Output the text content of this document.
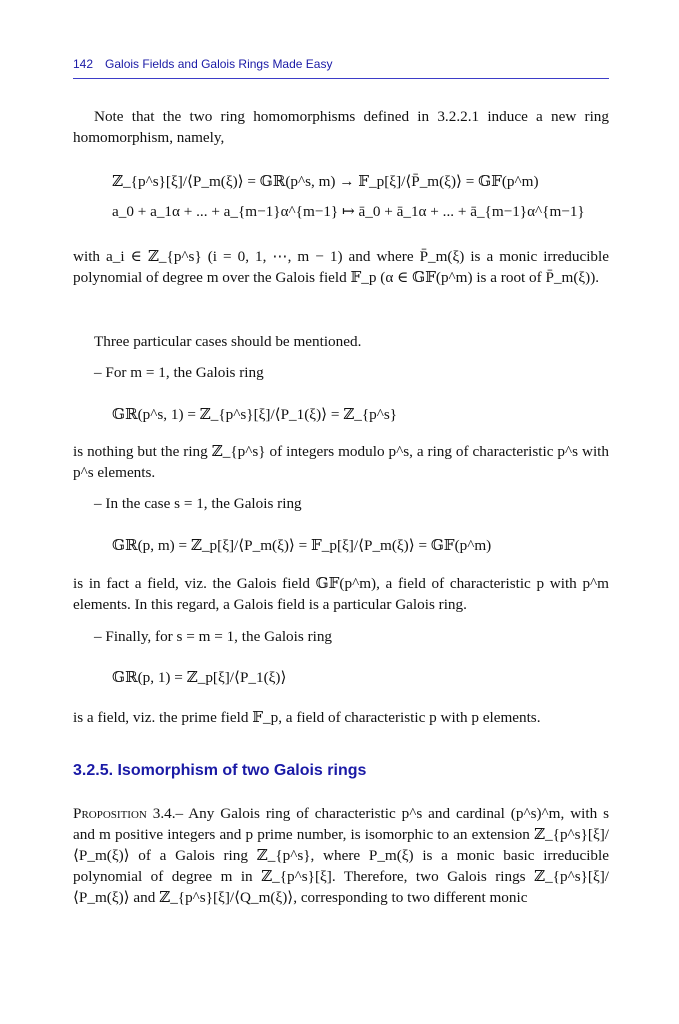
142 Galois Fields and Galois Rings Made Easy

Note that the two ring homomorphisms defined in 3.2.2.1 induce a new ring homomorphism, namely,

ℤ_{p^s}[ξ]/⟨P_m(ξ)⟩ = 𝔾ℝ(p^s, m) → 𝔽_p[ξ]/⟨P̄_m(ξ)⟩ = 𝔾𝔽(p^m)
a_0 + a_1α + ... + a_{m−1}α^{m−1} ↦ ā_0 + ā_1α + ... + ā_{m−1}α^{m−1}

with a_i ∈ ℤ_{p^s} (i = 0, 1, ⋯, m − 1) and where P̄_m(ξ) is a monic irreducible polynomial of degree m over the Galois field 𝔽_p (α ∈ 𝔾𝔽(p^m) is a root of P̄_m(ξ)).

Three particular cases should be mentioned.

– For m = 1, the Galois ring

𝔾ℝ(p^s, 1) = ℤ_{p^s}[ξ]/⟨P_1(ξ)⟩ = ℤ_{p^s}

is nothing but the ring ℤ_{p^s} of integers modulo p^s, a ring of characteristic p^s with p^s elements.

– In the case s = 1, the Galois ring

𝔾ℝ(p, m) = ℤ_p[ξ]/⟨P_m(ξ)⟩ = 𝔽_p[ξ]/⟨P_m(ξ)⟩ = 𝔾𝔽(p^m)

is in fact a field, viz. the Galois field 𝔾𝔽(p^m), a field of characteristic p with p^m elements. In this regard, a Galois field is a particular Galois ring.

– Finally, for s = m = 1, the Galois ring

𝔾ℝ(p, 1) = ℤ_p[ξ]/⟨P_1(ξ)⟩

is a field, viz. the prime field 𝔽_p, a field of characteristic p with p elements.

3.2.5. Isomorphism of two Galois rings

Proposition 3.4.– Any Galois ring of characteristic p^s and cardinal (p^s)^m, with s and m positive integers and p prime number, is isomorphic to an extension ℤ_{p^s}[ξ]/⟨P_m(ξ)⟩ of a Galois ring ℤ_{p^s}, where P_m(ξ) is a monic basic irreducible polynomial of degree m in ℤ_{p^s}[ξ]. Therefore, two Galois rings ℤ_{p^s}[ξ]/⟨P_m(ξ)⟩ and ℤ_{p^s}[ξ]/⟨Q_m(ξ)⟩, corresponding to two different monic
